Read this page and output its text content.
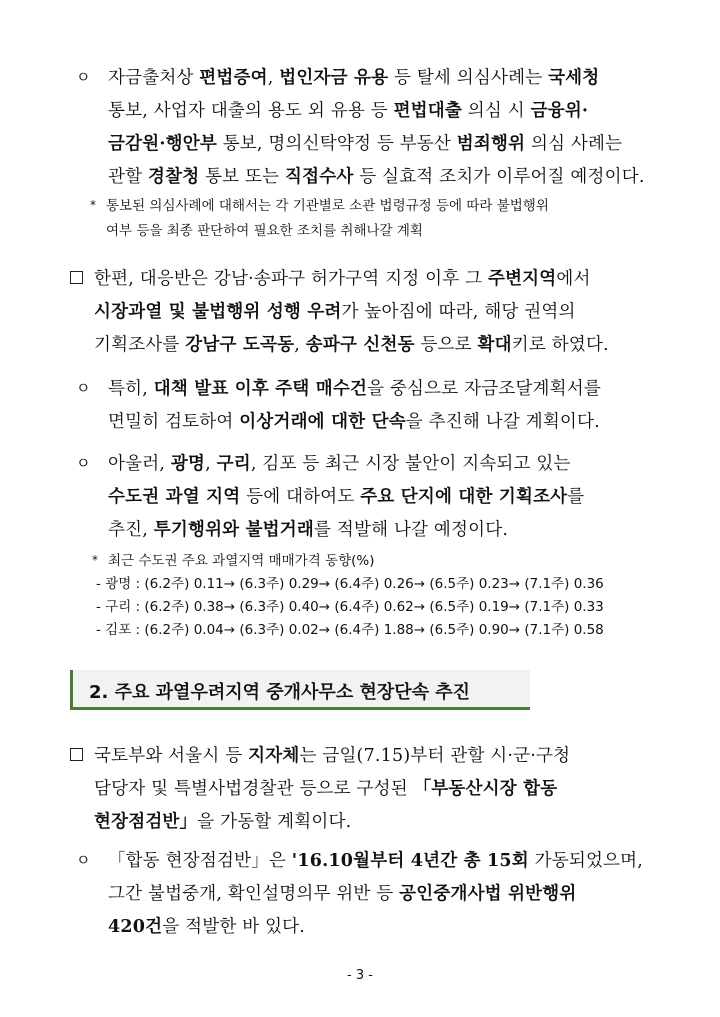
ㅇ 자금출처상 편법증여, 법인자금 유용 등 탈세 의심사례는 국세청
통보, 사업자 대출의 용도 외 유용 등 편법대출 의심 시 금융위·
금감원·행안부 통보, 명의신탁약정 등 부동산 범죄행위 의심 사례는
관할 경찰청 통보 또는 직접수사 등 실효적 조치가 이루어질 예정이다.
* 통보된 의심사례에 대해서는 각 기관별로 소관 법령규정 등에 따라 불법행위
여부 등을 최종 판단하여 필요한 조치를 취해나갈 계획
한편, 대응반은 강남·송파구 허가구역 지정 이후 그 주변지역에서
시장과열 및 불법행위 성행 우려가 높아짐에 따라, 해당 권역의
기획조사를 강남구 도곡동, 송파구 신천동 등으로 확대키로 하였다.
ㅇ 특히, 대책 발표 이후 주택 매수건을 중심으로 자금조달계획서를
면밀히 검토하여 이상거래에 대한 단속을 추진해 나갈 계획이다.
ㅇ 아울러, 광명, 구리, 김포 등 최근 시장 불안이 지속되고 있는
수도권 과열 지역 등에 대하여도 주요 단지에 대한 기획조사를
추진, 투기행위와 불법거래를 적발해 나갈 예정이다.
* 최근 수도권 주요 과열지역 매매가격 동향(%)
- 광명 : (6.2주) 0.11→ (6.3주) 0.29→ (6.4주) 0.26→ (6.5주) 0.23→ (7.1주) 0.36
- 구리 : (6.2주) 0.38→ (6.3주) 0.40→ (6.4주) 0.62→ (6.5주) 0.19→ (7.1주) 0.33
- 김포 : (6.2주) 0.04→ (6.3주) 0.02→ (6.4주) 1.88→ (6.5주) 0.90→ (7.1주) 0.58
2. 주요 과열우려지역 중개사무소 현장단속 추진
국토부와 서울시 등 지자체는 금일(7.15)부터 관할 시·군·구청
담당자 및 특별사법경찰관 등으로 구성된 「부동산시장 합동
현장점검반」을 가동할 계획이다.
ㅇ 「합동 현장점검반」은 '16.10월부터 4년간 총 15회 가동되었으며,
그간 불법중개, 확인설명의무 위반 등 공인중개사법 위반행위
420건을 적발한 바 있다.
- 3 -
